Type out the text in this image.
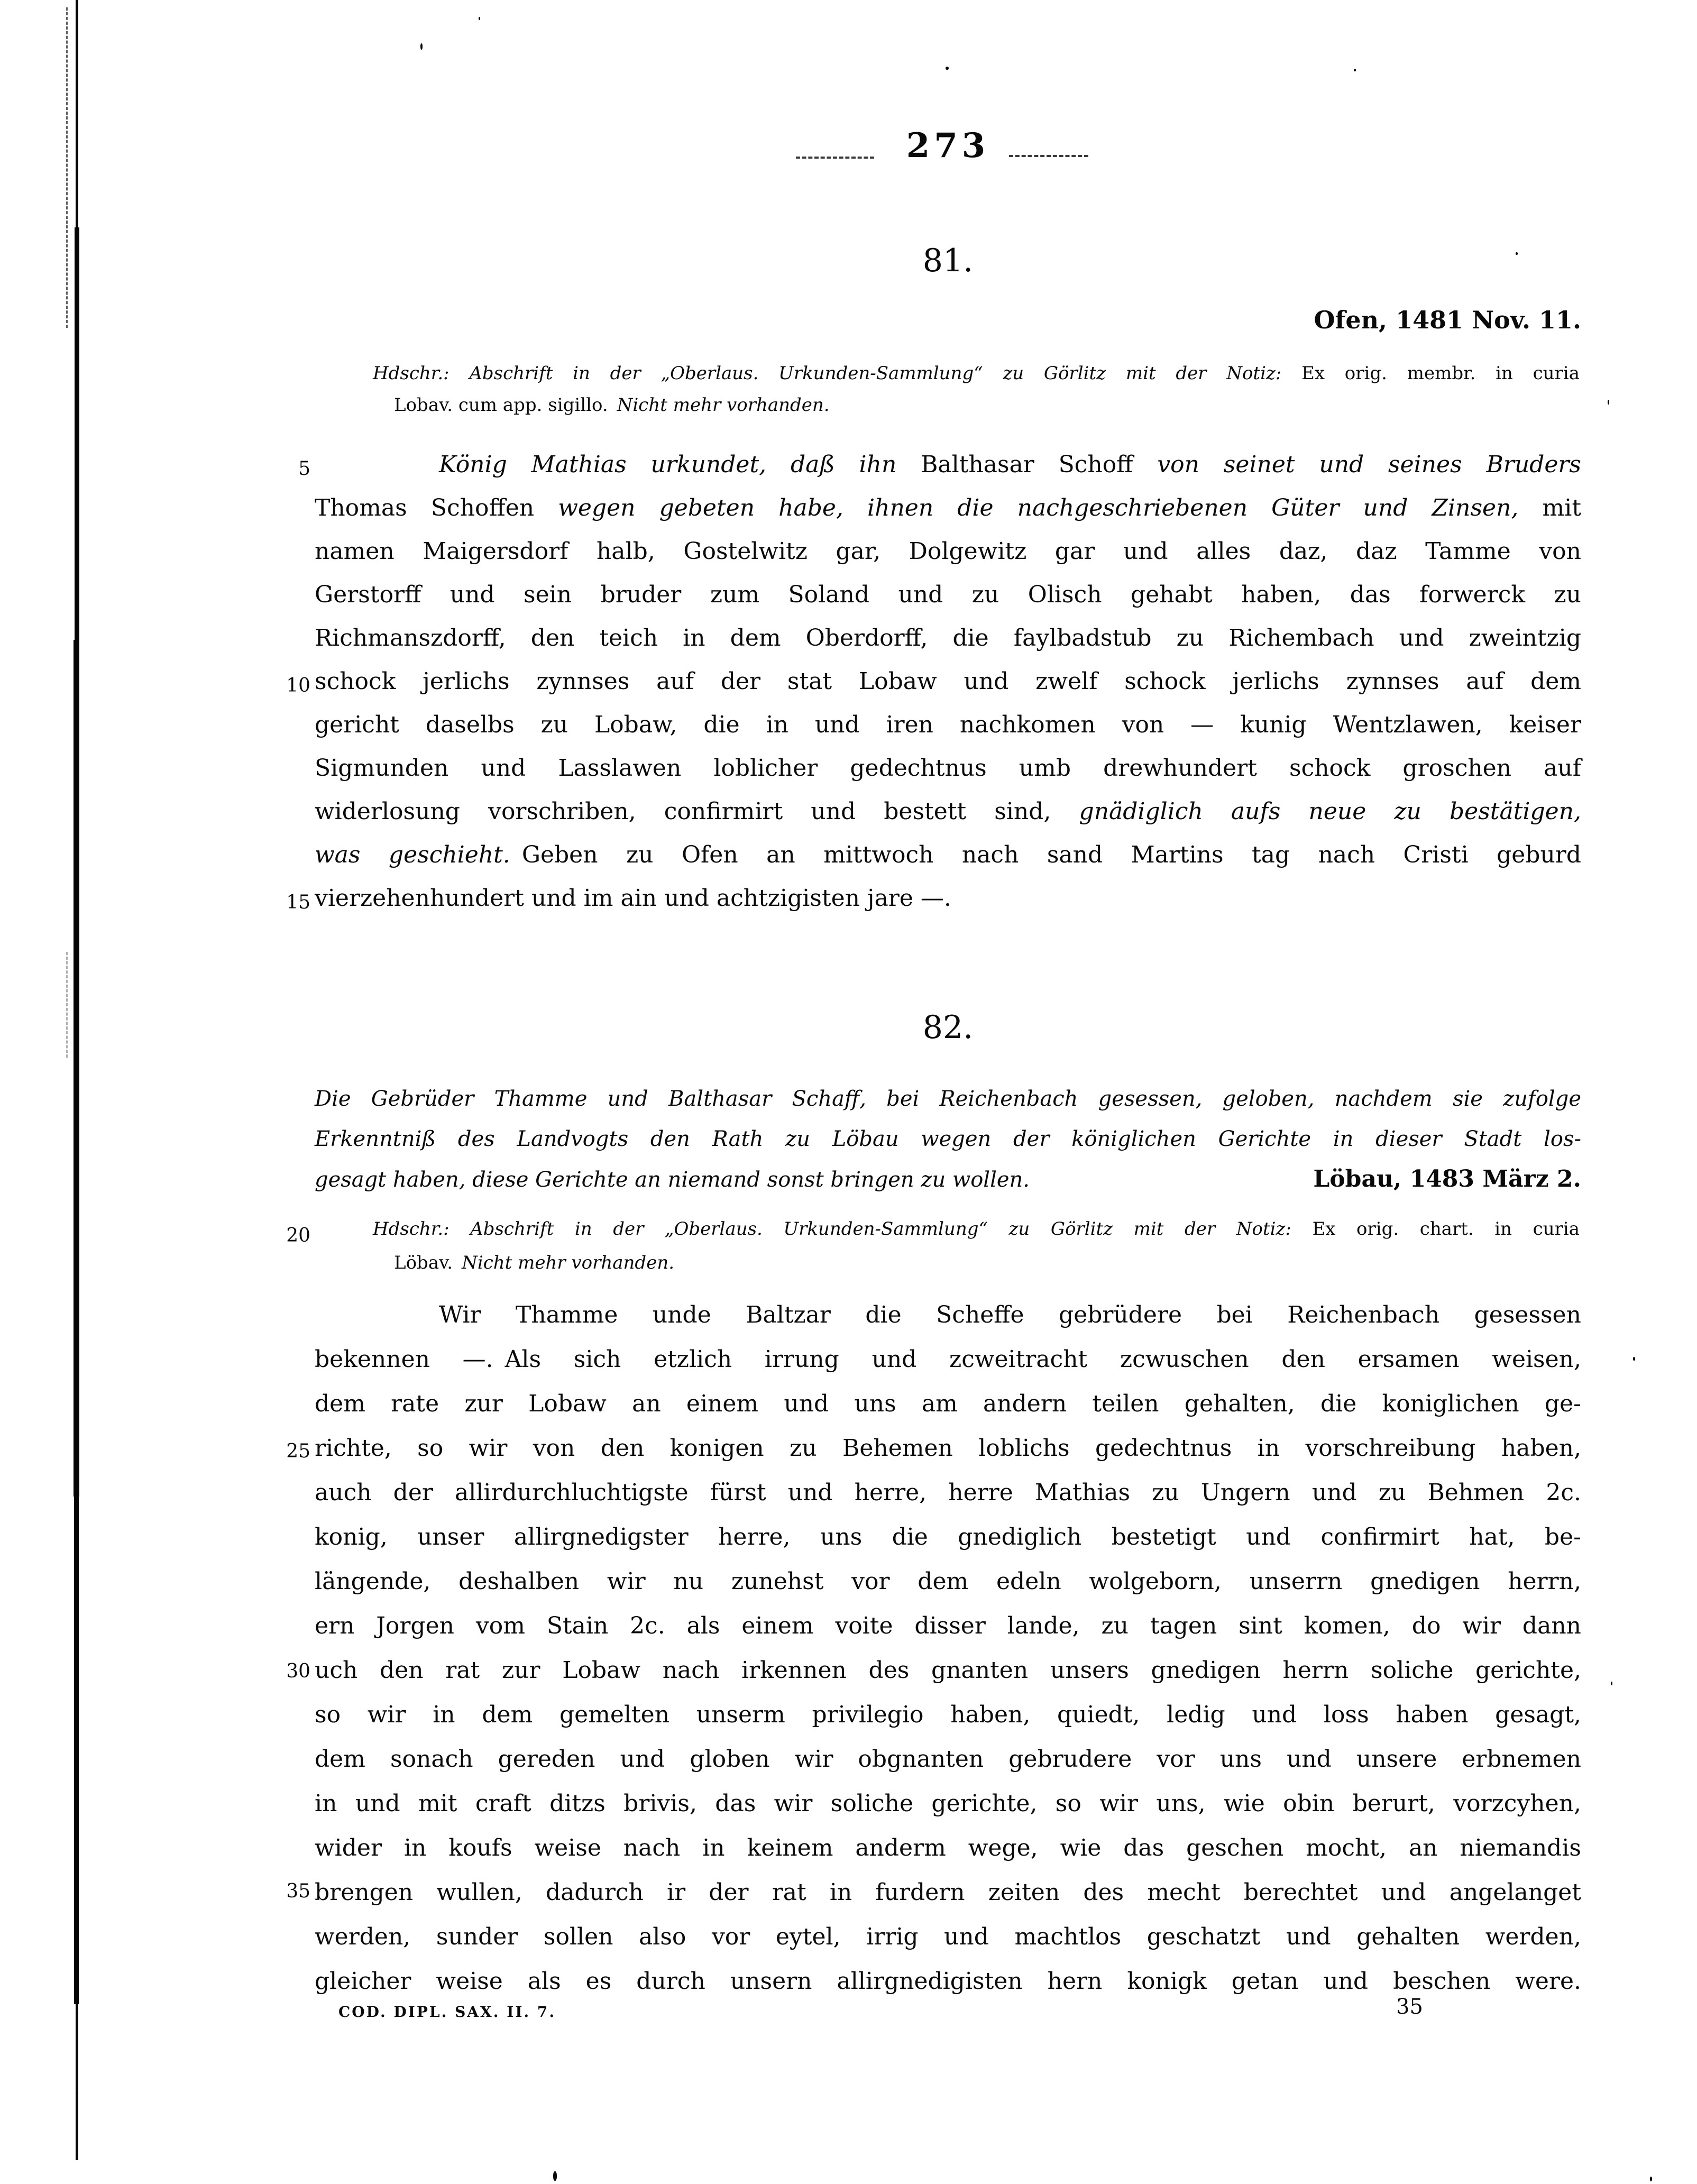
273
81.
Ofen, 1481 Nov. 11.
Hdschr.: Abschrift in der „Oberlaus. Urkunden-Sammlung“ zu Görlitz mit der Notiz: Ex orig. membr. in curia
Lobav. cum app. sigillo. Nicht mehr vorhanden.
König Mathias urkundet, daß ihn Balthasar Schoff von seinet und seines Bruders
Thomas Schoffen wegen gebeten habe, ihnen die nachgeschriebenen Güter und Zinsen, mit
namen Maigersdorf halb, Gostelwitz gar, Dolgewitz gar und alles daz, daz Tamme von
Gerstorff und sein bruder zum Soland und zu Olisch gehabt haben, das forwerck zu
Richmanszdorff, den teich in dem Oberdorff, die faylbadstub zu Richembach und zweintzig
schock jerlichs zynnses auf der stat Lobaw und zwelf schock jerlichs zynnses auf dem
gericht daselbs zu Lobaw, die in und iren nachkomen von — kunig Wentzlawen, keiser
Sigmunden und Lasslawen loblicher gedechtnus umb drewhundert schock groschen auf
widerlosung vorschriben, confirmirt und bestett sind, gnädiglich aufs neue zu bestätigen,
was geschieht. Geben zu Ofen an mittwoch nach sand Martins tag nach Cristi geburd
vierzehenhundert und im ain und achtzigisten jare —.
82.
Die Gebrüder Thamme und Balthasar Schaff, bei Reichenbach gesessen, geloben, nachdem sie zufolge
Erkenntniß des Landvogts den Rath zu Löbau wegen der königlichen Gerichte in dieser Stadt los-
gesagt haben, diese Gerichte an niemand sonst bringen zu wollen.	Löbau, 1483 März 2.
Hdschr.: Abschrift in der „Oberlaus. Urkunden-Sammlung“ zu Görlitz mit der Notiz: Ex orig. chart. in curia
Löbav. Nicht mehr vorhanden.
Wir Thamme unde Baltzar die Scheffe gebrüdere bei Reichenbach gesessen
bekennen —. Als sich etzlich irrung und zcweitracht zcwuschen den ersamen weisen,
dem rate zur Lobaw an einem und uns am andern teilen gehalten, die koniglichen ge-
richte, so wir von den konigen zu Behemen loblichs gedechtnus in vorschreibung haben,
auch der allirdurchluchtigste fürst und herre, herre Mathias zu Ungern und zu Behmen 2c.
konig, unser allirgnedigster herre, uns die gnediglich bestetigt und confirmirt hat, be-
längende, deshalben wir nu zunehst vor dem edeln wolgeborn, unserrn gnedigen herrn,
ern Jorgen vom Stain 2c. als einem voite disser lande, zu tagen sint komen, do wir dann
uch den rat zur Lobaw nach irkennen des gnanten unsers gnedigen herrn soliche gerichte,
so wir in dem gemelten unserm privilegio haben, quiedt, ledig und loss haben gesagt,
dem sonach gereden und globen wir obgnanten gebrudere vor uns und unsere erbnemen
in und mit craft ditzs brivis, das wir soliche gerichte, so wir uns, wie obin berurt, vorzcyhen,
wider in koufs weise nach in keinem anderm wege, wie das geschen mocht, an niemandis
brengen wullen, dadurch ir der rat in furdern zeiten des mecht berechtet und angelanget
werden, sunder sollen also vor eytel, irrig und machtlos geschatzt und gehalten werden,
gleicher weise als es durch unsern allirgnedigisten hern konigk getan und beschen were.
5
10
15
20
25
30
35
COD. DIPL. SAX. II. 7.	35
